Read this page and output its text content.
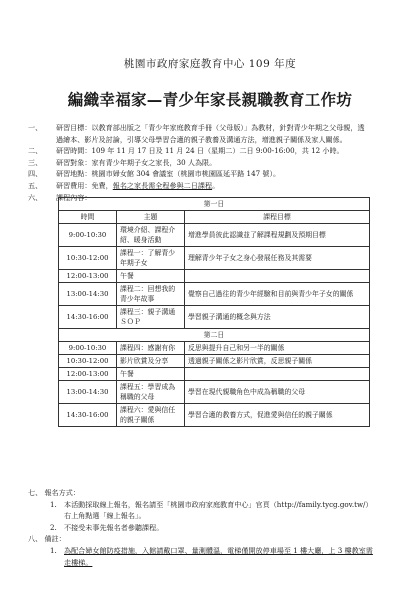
桃園市政府家庭教育中心 109 年度
編織幸福家—青少年家長親職教育工作坊
一、	研習目標：以教育部出版之「青少年家庭教育手冊（父母版）」為教材，針對青少年期之父母親，透過繪本、影片及討論，引導父母學習合適的親子教養及溝通方法，增進親子關係及家人關係。
二、	研習時間：109 年 11 月 17 日及 11 月 24 日（星期二）二日 9:00-16:00，共 12 小時。
三、	研習對象：家有青少年期子女之家長，30 人為限。
四、	研習地點：桃園市婦女館 304 會議室（桃園市桃園區延平路 147 號）。
五、	研習費用：免費，報名之家長需全程參與二日課程。
六、	課程內容：
第一日		
時間	主題	課程目標
9:00-10:30	環境介紹、課程介紹、暖身活動	增進學員彼此認識並了解課程規劃及預期目標
10:30-12:00	課程一：了解青少年期子女	理解青少年子女之身心發展任務及其需要
12:00-13:00	午餐	
13:00-14:30	課程二：回想我的青少年故事	覺察自己過往的青少年經驗和目前與青少年子女的關係
14:30-16:00	課程三：親子溝通ＳＯＰ	學習親子溝通的概念與方法
第二日		
9:00-10:30	課程四：感謝有你	反思與提升自己和另一半的關係
10:30-12:00	影片欣賞及分享	透過親子關係之影片欣賞，反思親子關係
12:00-13:00	午餐	
13:00-14:30	課程五：學習成為稱職的父母	學習在現代親職角色中成為稱職的父母
14:30-16:00	課程六：愛與信任的親子關係	學習合適的教養方式，促進愛與信任的親子關係
七、 報名方式：
1.	本活動採取線上報名，報名請至「桃園市政府家庭教育中心」官頁（http://family.tycg.gov.tw/）右上角點選「線上報名」。
2.	不接受未事先報名者參聽課程。
八、 備註：
1.	為配合婦女館防疫措施，入館請戴口罩、量測體溫，電梯僅開放停車場至 1 樓大廳，上 3 樓教室需走樓梯。
